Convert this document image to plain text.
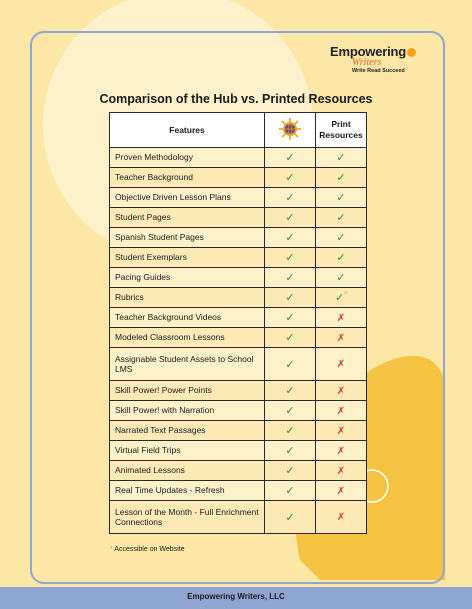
Empowering
Writers
Write Read Succeed
Comparison of the Hub vs. Printed Resources
Features		Print Resources
Proven Methodology	✓	✓
Teacher Background	✓	✓
Objective Driven Lesson Plans	✓	✓
Student Pages	✓	✓
Spanish Student Pages	✓	✓
Student Exemplars	✓	✓
Pacing Guides	✓	✓
Rubrics	✓	✓*
Teacher Background Videos	✓	✗
Modeled Classroom Lessons	✓	✗
Assignable Student Assets to School LMS	✓	✗
Skill Power! Power Points	✓	✗
Skill Power! with Narration	✓	✗
Narrated Text Passages	✓	✗
Virtual Field Trips	✓	✗
Animated Lessons	✓	✗
Real Time Updates - Refresh	✓	✗
Lesson of the Month - Full Enrichment Connections	✓	✗
* Accessible on Website
Empowering Writers, LLC
